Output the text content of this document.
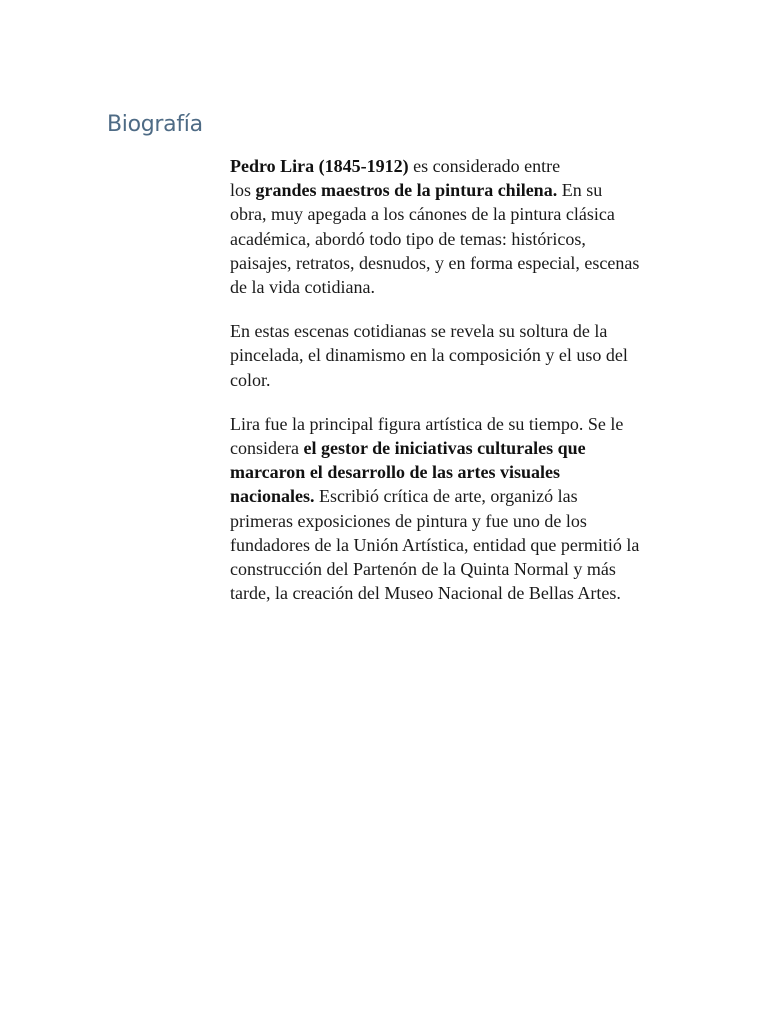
Biografía

Pedro Lira (1845-1912) es considerado entre
los grandes maestros de la pintura chilena. En su
obra, muy apegada a los cánones de la pintura clásica
académica, abordó todo tipo de temas: históricos,
paisajes, retratos, desnudos, y en forma especial, escenas
de la vida cotidiana.

En estas escenas cotidianas se revela su soltura de la
pincelada, el dinamismo en la composición y el uso del
color.

Lira fue la principal figura artística de su tiempo. Se le
considera el gestor de iniciativas culturales que
marcaron el desarrollo de las artes visuales
nacionales. Escribió crítica de arte, organizó las
primeras exposiciones de pintura y fue uno de los
fundadores de la Unión Artística, entidad que permitió la
construcción del Partenón de la Quinta Normal y más
tarde, la creación del Museo Nacional de Bellas Artes.
